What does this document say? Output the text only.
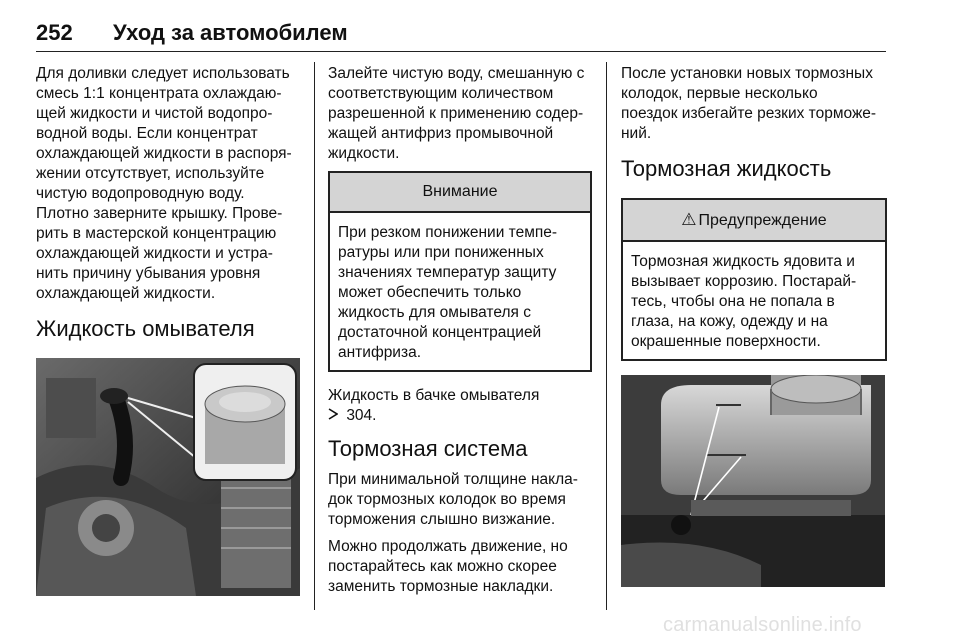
252 Уход за автомобилем

Для доливки следует использовать
смесь 1:1 концентрата охлаждаю-
щей жидкости и чистой водопро-
водной воды. Если концентрат
охлаждающей жидкости в распоря-
жении отсутствует, используйте
чистую водопроводную воду.
Плотно заверните крышку. Прове-
рить в мастерской концентрацию
охлаждающей жидкости и устра-
нить причину убывания уровня
охлаждающей жидкости.

Жидкость омывателя

Залейте чистую воду, смешанную с
соответствующим количеством
разрешенной к применению содер-
жащей антифриз промывочной
жидкости.

Внимание

При резком понижении темпе-
ратуры или при пониженных
значениях температур защиту
может обеспечить только
жидкость для омывателя с
достаточной концентрацией
антифриза.

Жидкость в бачке омывателя
304.

Тормозная система

При минимальной толщине накла-
док тормозных колодок во время
торможения слышно визжание.

Можно продолжать движение, но
постарайтесь как можно скорее
заменить тормозные накладки.

После установки новых тормозных
колодок, первые несколько
поездок избегайте резких торможе-
ний.

Тормозная жидкость
⚠ Предупреждение

Тормозная жидкость ядовита и
вызывает коррозию. Постарай-
тесь, чтобы она не попала в
глаза, на кожу, одежду и на
окрашенные поверхности.

carmanualsonline.info
